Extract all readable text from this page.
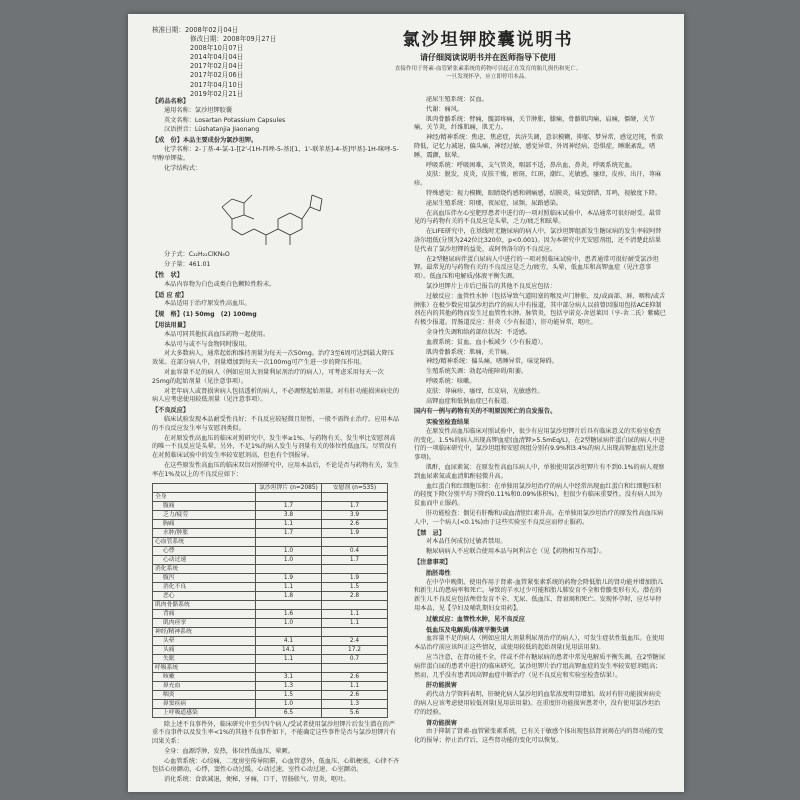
核准日期：2008年02月04日
修改日期：2008年09月27日
2008年10月07日
2014年04月04日
2017年02月04日
2017年02月06日
2017年04月10日
2019年02月21日
氯沙坦钾胶囊说明书
请仔细阅读说明书并在医师指导下使用
直接作用于肾素-血管紧张素系统的药物可引起正在发育的胎儿损伤和死亡。
一旦发现怀孕，应立即停用本品。
【药品名称】
通用名称：氯沙坦钾胶囊
英文名称：Losartan Potassium Capsules
汉语拼音：Lüshatanjia Jiaonang
【成　份】本品主要成份为氯沙坦钾。
化学名称：2-丁基-4-氯-1-[[2'-(1H-四唑-5-基)[1，1'-联苯基]-4-基]甲基]-1H-咪唑-5-甲醇单钾盐。
化学结构式：
分子式：C₂₂H₂₂ClKN₆O
分子量：461.01
【性　状】
本品内容物为白色或类白色颗粒性粉末。
【适 应 症】
本品适用于治疗原发性高血压。
【规　格】(1) 50mg　(2) 100mg
【用法用量】
本品可同其他抗高血压药物一起使用。
本品可与或不与食物同时服用。
对大多数病人，通常起始和维持剂量为每天一次50mg。治疗3至6周可达到最大降压效果。在部分病人中，剂量增加到每天一次100mg可产生进一步的降压作用。
对血容量不足的病人（例如应用大剂量利尿剂治疗的病人），可考虑采用每天一次25mg的起始剂量（见注意事项）。
对老年病人或肾损害病人包括透析的病人，不必调整起始剂量。对有肝功能损害病史的病人应考虑使用较低剂量（见注意事项）。
【不良反应】
临床试验发现本品耐受性良好；不良反应较轻微且短暂，一般不需终止治疗。应用本品的不良反应发生率与安慰剂类似。
在对原发性高血压的临床对照研究中，发生率≥1%、与药物有关、发生率比安慰剂高的唯一不良反应是头晕。另外，不足1%的病人发生与剂量有关的体位性低血压。尽管没有在对照临床试验中的发生率较安慰剂高，但也有个别报导。
在这些原发性高血压的临床双盲对照研究中，应用本品后，不论是否与药物有关，发生率在1%及以上的不良反应如下：
	氯沙坦钾片 (n=2085)	安慰剂 (n=535)
全身		
腹痛	1.7	1.7
乏力/疲劳	3.8	3.9
胸痛	1.1	2.6
水肿/肿胀	1.7	1.9
心血管系统		
心悸	1.0	0.4
心动过速	1.0	1.7
消化系统		
腹泻	1.9	1.9
消化不良	1.1	1.5
恶心	1.8	2.8
肌肉骨骼系统		
背痛	1.6	1.1
肌肉痉挛	1.0	1.1
神经/精神系统		
头晕	4.1	2.4
头痛	14.1	17.2
失眠	1.1	0.7
呼吸系统		
咳嗽	3.1	2.6
鼻充血	1.3	1.1
咽炎	1.5	2.6
鼻窦疾病	1.0	1.3
上呼吸道感染	6.5	5.6
除上述不良事件外，临床研究中至少四个病人/受试者使用氯沙坦钾片后发生潜在的严重不良事件以及发生率<1%的其他不良事件如下，不能确定这些事件是否与氯沙坦钾片有因果关系：
全身：血源浮肿，发热，体位性低血压，晕厥。
心血管系统：心绞痛，二度房室传导阻滞，心血管意外，低血压，心肌梗塞，心律不齐包括心房颤动，心悸，窦性心动过缓，心动过速，室性心动过速，心室颤动。
消化系统：食欲减退，便秘，牙痛，口干，胃肠胀气，胃炎，呕吐。
泌尿生殖系统：贫血。
代谢：痛风。
肌肉骨骼系统：臂痛，髋部疼痛，关节肿胀，膝痛，骨骼肌肉痛，肩痛，僵硬，关节痛，关节炎，纤维肌痛，肌无力。
神经/精神系统：焦虑，焦虑症，共济失调，意识模糊，抑郁，梦异常，感觉迟钝，性欲降低，记忆力减退，偏头痛，神经过敏，感觉异常，外周神经病，恐惧症，睡眠紊乱，嗜睡，震颤，眩晕。
呼吸系统：呼吸困难，支气管炎，咽部不适，鼻出血，鼻炎，呼吸系统充血。
皮肤：脱发，皮炎，皮肤干燥，瘀斑，红斑，潮红，光敏感，瘙痒，皮疹，出汗，荨麻疹。
特殊感觉：视力模糊，眼睛烧灼感和刺痛感，结膜炎，味觉倒错，耳鸣，视敏度下降。
泌尿生殖系统：阳痿，夜尿症，尿频，尿路感染。
在高血压伴左心室肥厚患者中进行的一项对照临床试验中，本品通常可很好耐受。最常见的与药物有关的不良反应是头晕，乏力/疲乏和眩晕。
在LIFE研究中，在基线时无糖尿病的病人中，氯沙坦钾组新发生糖尿病的发生率较阿替洛尔组低(分别为242位比320位，p<0.001)。因为本研究中无安慰剂组，还不清楚此结果是代表了氯沙坦钾的益处，或阿替洛尔的不良反应。
在2型糖尿病伴蛋白尿病人中进行的一项对照临床试验中，患者通常可很好耐受氯沙坦钾。最常见的与药物有关的不良反应是乏力/疲劳，头晕，低血压和高钾血症（见注意事项）。低血压和电解质/体液平衡失调。
氯沙坦钾片上市后已报告的其他不良反应包括：
过敏反应：血管性水肿（包括导致气道阻塞的喉及声门肿胀，及/或面部、唇、咽和/或舌肿胀）在极少数应用氯沙坦治疗的病人中有报道，其中部分病人以前曾因服用包括ACE抑制剂在内的其他药物而发生过血管性水肿。脉管炎，包括亨诺克-舍恩莱因（亨-舍二氏）紫癜已有极少报道。胃肠道反应：肝炎（少有报道），肝功能异常，呕吐。
全身性失调和给药部位状况：不适感。
血液系统：贫血，血小板减少（少有报道）。
肌肉骨骼系统：肌痛，关节痛。
神经/精神系统：偏头痛，嗜睡异常，味觉障碍。
生殖系统失调：勃起功能障碍/阳萎。
呼吸系统：咳嗽。
皮肤：荨麻疹，瘙痒，红皮病，光敏感性。
高钾血症和低钠血症已有报道。
国内有一例与药物有关的不明原因死亡的自发报告。
实验室检查结果
在原发性高血压临床对照试验中，很少有应用氯沙坦钾片后具有临床意义的实验室检查的变化。1.5%的病人出现高钾血症(血清钾>5.5mEq/L)，在2型糖尿病伴蛋白尿的病人中进行的一项临床研究中，氯沙坦组和安慰剂组分别有9.9%和3.4%的病人出现高钾血症(见注意事项)。
肌酐，血尿素氮：在原发性高血压病人中，单独使用氯沙坦钾片有不到0.1%的病人观察到血尿素氮或血清肌酐轻微升高。
血红蛋白和红细胞压积：在单独用氯沙坦治疗的病人中经常出现血红蛋白和红细胞压积的轻度下降(分别平均下降约0.11%和0.09%体积%)，但很少有临床重要性。没有病人因为贫血而中止服药。
肝功能检查：偶见有肝酶和/或血清胆红素升高。在单独用氯沙坦治疗的原发性高血压病人中，一个病人(<0.1%)由于这些实验室不良反应而停止服药。
【禁　忌】
对本品任何成份过敏者禁用。
糖尿病病人不应联合使用本品与阿利吉仑（见【药物相互作用】）。
【注意事项】
胎胚毒性
在中孕中晚期，使用作用于肾素-血管紧张素系统的药物会降低胎儿的肾功能并增加胎儿和新生儿的患病率和死亡。导致的羊水过少可能和胎儿肺发育不全和骨骼变形有关。潜在的新生儿不良反应包括颅骨发育不全、无尿、低血压、肾衰竭和死亡。发现怀孕时，应尽早停用本品，见【孕妇及哺乳期妇女用药】。
过敏反应：血管性水肿，见不良反应
低血压及电解质/体液平衡失调
血容量不足的病人（例如应用大剂量利尿剂治疗的病人），可发生症状性低血压。在使用本品治疗前应该纠正这些情况，或使用较低的起始剂量(见用法用量)。
应当注意，在肾功能不全，伴或不伴有糖尿病的患者中常见电解质平衡失调。在2型糖尿病伴蛋白尿的患者中进行的临床研究，氯沙坦钾片治疗组高钾血症的发生率较安慰剂组高；然而，几乎没有患者因高钾血症中断治疗（见不良反应和实验室检查结果）。
肝功能损害
药代动力学资料表明，肝硬化病人氯沙坦的血浆浓度明显增加。故对有肝功能损害病史的病人应该考虑使用较低剂量(见用法用量)。在重度肝功能损害患者中，没有使用氯沙坦治疗的经验。
肾功能损害
由于抑制了肾素-血管紧张素系统，已有关于敏感个体出现包括肾衰竭在内的肾功能的变化的报导；停止治疗后，这些肾功能的变化可以恢复。
